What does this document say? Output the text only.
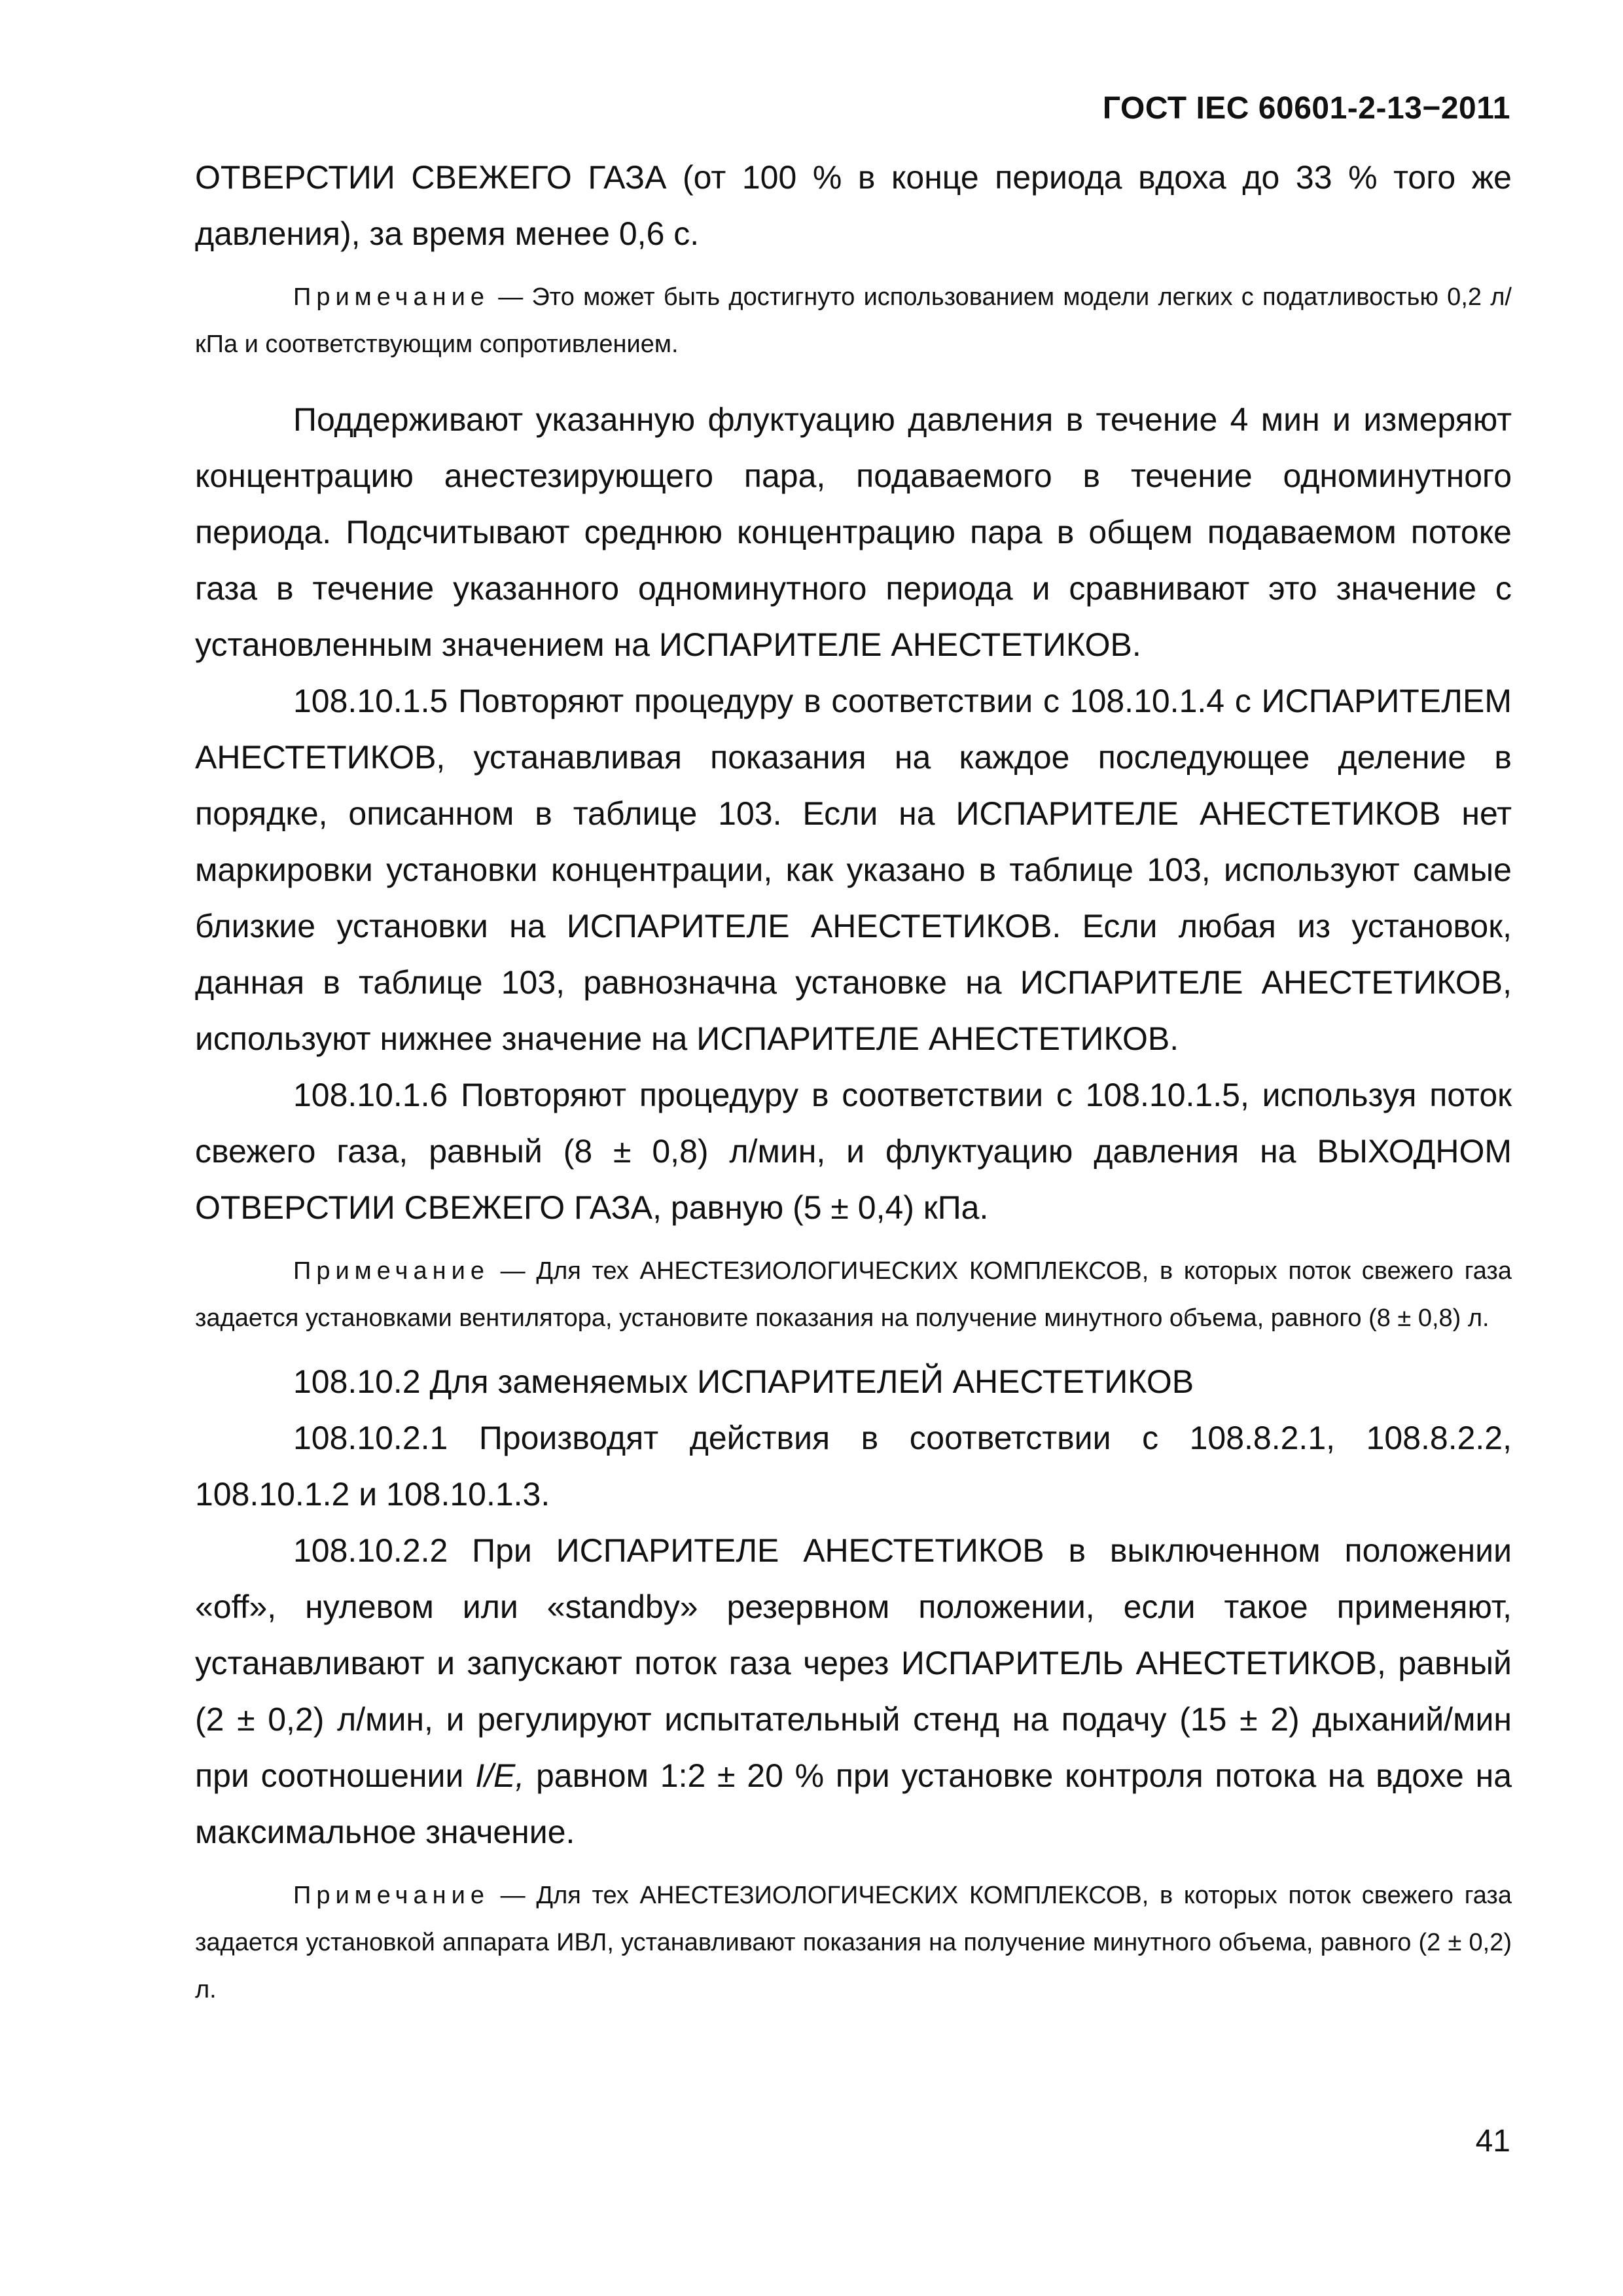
ГОСТ IEC 60601-2-13−2011

ОТВЕРСТИИ СВЕЖЕГО ГАЗА (от 100 % в конце периода вдоха до 33 % того же давления), за время менее 0,6 с.

Примечание — Это может быть достигнуто использованием модели легких с податливостью 0,2 л/кПа и соответствующим сопротивлением.

Поддерживают указанную флуктуацию давления в течение 4 мин и измеряют концентрацию анестезирующего пара, подаваемого в течение одноминутного периода. Подсчитывают среднюю концентрацию пара в общем подаваемом потоке газа в течение указанного одноминутного периода и сравнивают это значение с установленным значением на ИСПАРИТЕЛЕ АНЕСТЕТИКОВ.

108.10.1.5 Повторяют процедуру в соответствии с 108.10.1.4 с ИСПАРИТЕЛЕМ АНЕСТЕТИКОВ, устанавливая показания на каждое последующее деление в порядке, описанном в таблице 103. Если на ИСПАРИТЕЛЕ АНЕСТЕТИКОВ нет маркировки установки концентрации, как указано в таблице 103, используют самые близкие установки на ИСПАРИТЕЛЕ АНЕСТЕТИКОВ. Если любая из установок, данная в таблице 103, равнозначна установке на ИСПАРИТЕЛЕ АНЕСТЕТИКОВ, используют нижнее значение на ИСПАРИТЕЛЕ АНЕСТЕТИКОВ.

108.10.1.6 Повторяют процедуру в соответствии с 108.10.1.5, используя поток свежего газа, равный (8 ± 0,8) л/мин, и флуктуацию давления на ВЫХОДНОМ ОТВЕРСТИИ СВЕЖЕГО ГАЗА, равную (5 ± 0,4) кПа.

Примечание — Для тех АНЕСТЕЗИОЛОГИЧЕСКИХ КОМПЛЕКСОВ, в которых поток свежего газа задается установками вентилятора, установите показания на получение минутного объема, равного (8 ± 0,8) л.

108.10.2 Для заменяемых ИСПАРИТЕЛЕЙ АНЕСТЕТИКОВ

108.10.2.1 Производят действия в соответствии с 108.8.2.1, 108.8.2.2, 108.10.1.2 и 108.10.1.3.

108.10.2.2 При ИСПАРИТЕЛЕ АНЕСТЕТИКОВ в выключенном положении «off», нулевом или «standby» резервном положении, если такое применяют, устанавливают и запускают поток газа через ИСПАРИТЕЛЬ АНЕСТЕТИКОВ, равный (2 ± 0,2) л/мин, и регулируют испытательный стенд на подачу (15 ± 2) дыханий/мин при соотношении I/E, равном 1:2 ± 20 % при установке контроля потока на вдохе на максимальное значение.

Примечание — Для тех АНЕСТЕЗИОЛОГИЧЕСКИХ КОМПЛЕКСОВ, в которых поток свежего газа задается установкой аппарата ИВЛ, устанавливают показания на получение минутного объема, равного (2 ± 0,2) л.

41
